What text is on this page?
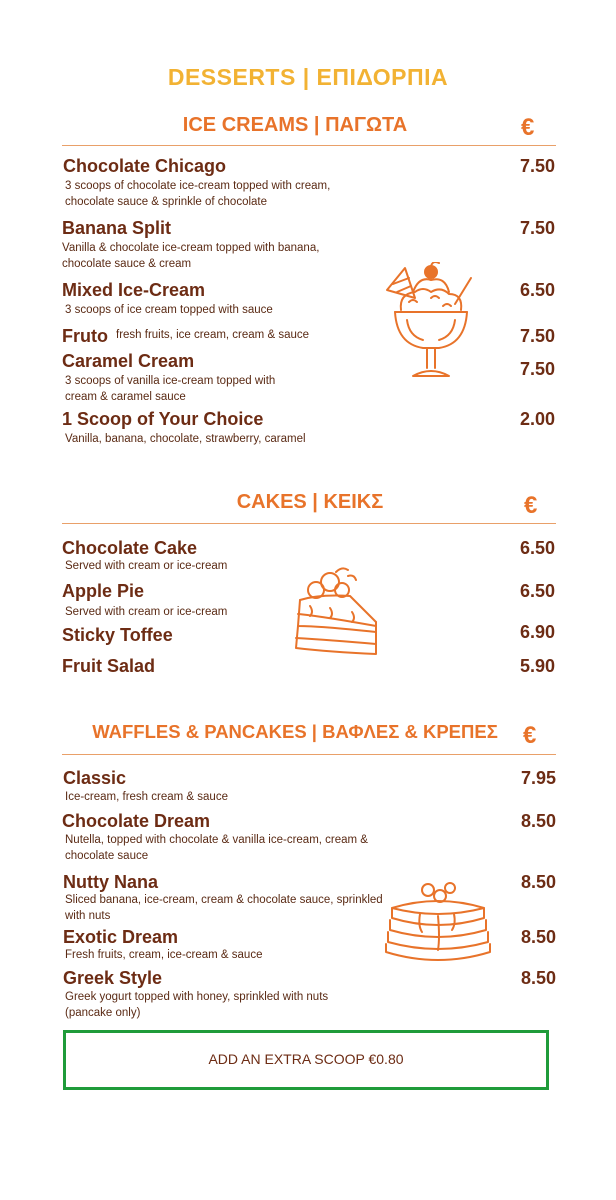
DESSERTS | ΕΠΙΔΟΡΠΙΑ
ICE CREAMS | ΠΑΓΩΤΑ	€
Chocolate Chicago
3 scoops of chocolate ice-cream topped with cream,
chocolate sauce & sprinkle of chocolate
7.50
Banana Split
Vanilla & chocolate ice-cream topped with banana,
chocolate sauce & cream
7.50
Mixed Ice-Cream
3 scoops of ice cream topped with sauce
6.50
Fruto fresh fruits, ice cream, cream & sauce	7.50
Caramel Cream
3 scoops of vanilla ice-cream topped with
cream & caramel sauce
7.50
1 Scoop of Your Choice
Vanilla, banana, chocolate, strawberry, caramel
2.00
CAKES | ΚΕΙΚΣ	€
Chocolate Cake
Served with cream or ice-cream
6.50
Apple Pie
Served with cream or ice-cream
6.50
Sticky Toffee	6.90
Fruit Salad	5.90
WAFFLES & PANCAKES | ΒΑΦΛΕΣ & ΚΡΕΠΕΣ	€
Classic
Ice-cream, fresh cream & sauce
7.95
Chocolate Dream
Nutella, topped with chocolate & vanilla ice-cream, cream &
chocolate sauce
8.50
Nutty Nana
Sliced banana, ice-cream, cream & chocolate sauce, sprinkled
with nuts
8.50
Exotic Dream
Fresh fruits, cream, ice-cream & sauce
8.50
Greek Style
Greek yogurt topped with honey, sprinkled with nuts
(pancake only)
8.50
ADD AN EXTRA SCOOP €0.80
